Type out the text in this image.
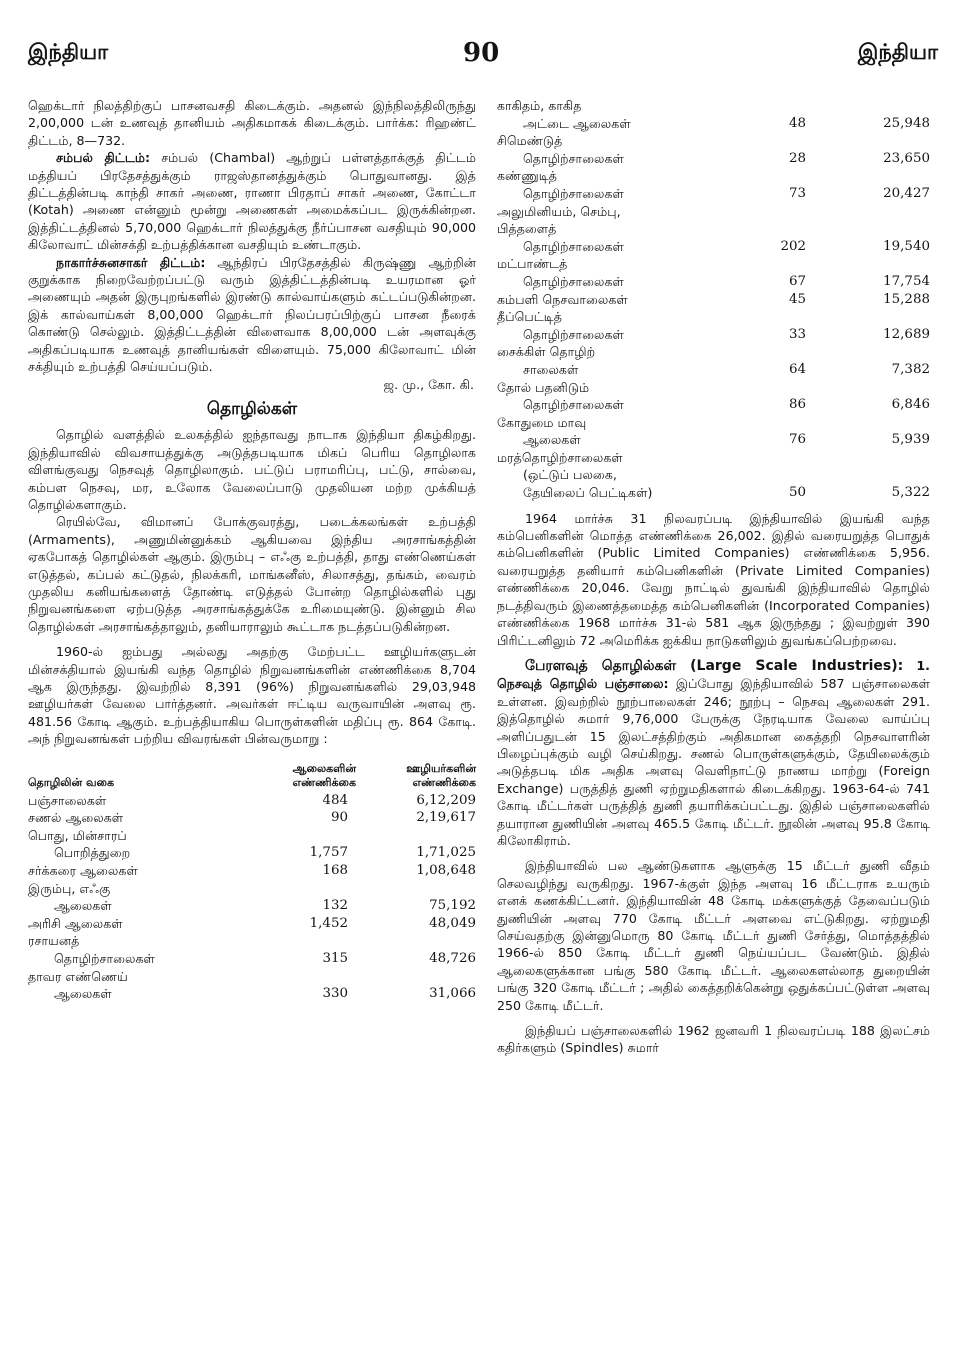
இந்தியா	90	இந்தியா

ஹெக்டார் நிலத்திற்குப் பாசனவசதி கிடைக்கும். அதனல் இந்நிலத்திலிருந்து 2,00,000 டன் உணவுத் தானியம் அதிகமாகக் கிடைக்கும். பார்க்க: ரிஹண்ட் திட்டம், 8—732.

சம்பல் திட்டம்: சம்பல் (Chambal) ஆற்றுப் பள்ளத்தாக்குத் திட்டம் மத்தியப் பிரதேசத்துக்கும் ராஜஸ்தானத்துக்கும் பொதுவானது. இத் திட்டத்தின்படி காந்தி சாகர் அணை, ராணா பிரதாப் சாகர் அணை, கோட்டா (Kotah) அணை என்னும் மூன்று அணைகள் அமைக்கப்பட இருக்கின்றன. இத்திட்டத்தினல் 5,70,000 ஹெக்டார் நிலத்துக்கு நீர்ப்பாசன வசதியும் 90,000 கிலோவாட் மின்சக்தி உற்பத்திக்கான வசதியும் உண்டாகும்.

நாகார்ச்சுனசாகர் திட்டம்: ஆந்திரப் பிரதேசத்தில் கிருஷ்ணு ஆற்றின் குறுக்காக நிறைவேற்றப்பட்டு வரும் இத்திட்டத்தின்படி உயரமான ஓர் அணையும் அதன் இருபுறங்களில் இரண்டு கால்வாய்களும் கட்டப்படுகின்றன. இக் கால்வாய்கள் 8,00,000 ஹெக்டார் நிலப்பரப்பிற்குப் பாசன நீரைக் கொண்டு செல்லும். இத்திட்டத்தின் விளைவாக 8,00,000 டன் அளவுக்கு அதிகப்படியாக உணவுத் தானியங்கள் விளையும். 75,000 கிலோவாட் மின் சக்தியும் உற்பத்தி செய்யப்படும்.

ஜ. மு., கோ. கி.

தொழில்கள்

தொழில் வளத்தில் உலகத்தில் ஐந்தாவது நாடாக இந்தியா திகழ்கிறது. இந்தியாவில் விவசாயத்துக்கு அடுத்தபடியாக மிகப் பெரிய தொழிலாக விளங்குவது நெசவுத் தொழிலாகும். பட்டுப் பராமரிப்பு, பட்டு, சால்வை, கம்பள நெசவு, மர, உலோக வேலைப்பாடு முதலியன மற்ற முக்கியத் தொழில்களாகும்.

ரெயில்வே, விமானப் போக்குவரத்து, படைக்கலங்கள் உற்பத்தி (Armaments), அணுமின்னுக்கம் ஆகியவை இந்திய அரசாங்கத்தின் ஏகபோகத் தொழில்கள் ஆகும். இரும்பு – எஃகு உற்பத்தி, தாது எண்ணெய்கள் எடுத்தல், கப்பல் கட்டுதல், நிலக்கரி, மாங்கனீஸ், சிலாசத்து, தங்கம், வைரம் முதலிய கனியங்களைத் தோண்டி எடுத்தல் போன்ற தொழில்களில் புது நிறுவனங்களை ஏற்படுத்த அரசாங்கத்துக்கே உரிமையுண்டு. இன்னும் சில தொழில்கள் அரசாங்கத்தாலும், தனியாராலும் கூட்டாக நடத்தப்படுகின்றன.

1960-ல் ஐம்பது அல்லது அதற்கு மேற்பட்ட ஊழியர்களுடன் மின்சக்தியால் இயங்கி வந்த தொழில் நிறுவனங்களின் எண்ணிக்கை 8,704 ஆக இருந்தது. இவற்றில் 8,391 (96%) நிறுவனங்களில் 29,03,948 ஊழியர்கள் வேலை பார்த்தனர். அவர்கள் ஈட்டிய வருவாயின் அளவு ரூ. 481.56 கோடி ஆகும். உற்பத்தியாகிய பொருள்களின் மதிப்பு ரூ. 864 கோடி. அந் நிறுவனங்கள் பற்றிய விவரங்கள் பின்வருமாறு :

தொழிலின் வகை	ஆலைகளின் எண்ணிக்கை	ஊழியர்களின் எண்ணிக்கை
பஞ்சாலைகள்	484	6,12,209
சணல் ஆலைகள்	90	2,19,617
பொது, மின்சாரப்		
பொறித்துறை	1,757	1,71,025
சர்க்கரை ஆலைகள்	168	1,08,648
இரும்பு, எஃகு		
ஆலைகள்	132	75,192
அரிசி ஆலைகள்	1,452	48,049
ரசாயனத்		
தொழிற்சாலைகள்	315	48,726
தாவர எண்ணெய்		
ஆலைகள்	330	31,066
காகிதம், காகித		
அட்டை ஆலைகள்	48	25,948
சிமெண்டுத்		
தொழிற்சாலைகள்	28	23,650
கண்ணுடித்		
தொழிற்சாலைகள்	73	20,427
அலுமினியம், செம்பு,		
பித்தளைத்		
தொழிற்சாலைகள்	202	19,540
மட்பாண்டத்		
தொழிற்சாலைகள்	67	17,754
கம்பளி நெசவாலைகள்	45	15,288
தீப்பெட்டித்		
தொழிற்சாலைகள்	33	12,689
சைக்கிள் தொழிற்		
சாலைகள்	64	7,382
தோல் பதனிடும்		
தொழிற்சாலைகள்	86	6,846
கோதுமை மாவு		
ஆலைகள்	76	5,939
மரத்தொழிற்சாலைகள்		
(ஒட்டுப் பலகை,		
தேயிலைப் பெட்டிகள்)	50	5,322

1964 மார்ச்சு 31 நிலவரப்படி இந்தியாவில் இயங்கி வந்த கம்பெனிகளின் மொத்த எண்ணிக்கை 26,002. இதில் வரையறுத்த பொதுக் கம்பெனிகளின் (Public Limited Companies) எண்ணிக்கை 5,956. வரையறுத்த தனியார் கம்பெனிகளின் (Private Limited Companies) எண்ணிக்கை 20,046. வேறு நாட்டில் துவங்கி இந்தியாவில் தொழில் நடத்திவரும் இணைத்தமைத்த கம்பெனிகளின் (Incorporated Companies) எண்ணிக்கை 1968 மார்ச்சு 31-ல் 581 ஆக இருந்தது ; இவற்றுள் 390 பிரிட்டனிலும் 72 அமெரிக்க ஐக்கிய நாடுகளிலும் துவங்கப்பெற்றவை.

பேரளவுத் தொழில்கள் (Large Scale Industries): 1. நெசவுத் தொழில் பஞ்சாலை: இப்போது இந்தியாவில் 587 பஞ்சாலைகள் உள்ளன. இவற்றில் நூற்பாலைகள் 246; நூற்பு – நெசவு ஆலைகள் 291. இத்தொழில் சுமார் 9,76,000 பேருக்கு நேரடியாக வேலை வாய்ப்பு அளிப்பதுடன் 15 இலட்சத்திற்கும் அதிகமான கைத்தறி நெசவாளரின் பிழைப்புக்கும் வழி செய்கிறது. சணல் பொருள்களுக்கும், தேயிலைக்கும் அடுத்தபடி மிக அதிக அளவு வெளிநாட்டு நாணய மாற்று (Foreign Exchange) பருத்தித் துணி ஏற்றுமதிகளால் கிடைக்கிறது. 1963-64-ல் 741 கோடி மீட்டர்கள் பருத்தித் துணி தயாரிக்கப்பட்டது. இதில் பஞ்சாலைகளில் தயாரான துணியின் அளவு 465.5 கோடி மீட்டர். நூலின் அளவு 95.8 கோடி கிலோகிராம்.

இந்தியாவில் பல ஆண்டுகளாக ஆளுக்கு 15 மீட்டர் துணி வீதம் செலவழிந்து வருகிறது. 1967-க்குள் இந்த அளவு 16 மீட்டராக உயரும் எனக் கணக்கிட்டனர். இந்தியாவின் 48 கோடி மக்களுக்குத் தேவைப்படும் துணியின் அளவு 770 கோடி மீட்டர் அளவை எட்டுகிறது. ஏற்றுமதி செய்வதற்கு இன்னுமொரு 80 கோடி மீட்டர் துணி சேர்த்து, மொத்தத்தில் 1966-ல் 850 கோடி மீட்டர் துணி நெய்யப்பட வேண்டும். இதில் ஆலைகளுக்கான பங்கு 580 கோடி மீட்டர். ஆலைகளல்லாத துறையின் பங்கு 320 கோடி மீட்டர் ; அதில் கைத்தறிக்கென்று ஒதுக்கப்பட்டுள்ள அளவு 250 கோடி மீட்டர்.

இந்தியப் பஞ்சாலைகளில் 1962 ஜனவரி 1 நிலவரப்படி 188 இலட்சம் கதிர்களும் (Spindles) சுமார்
